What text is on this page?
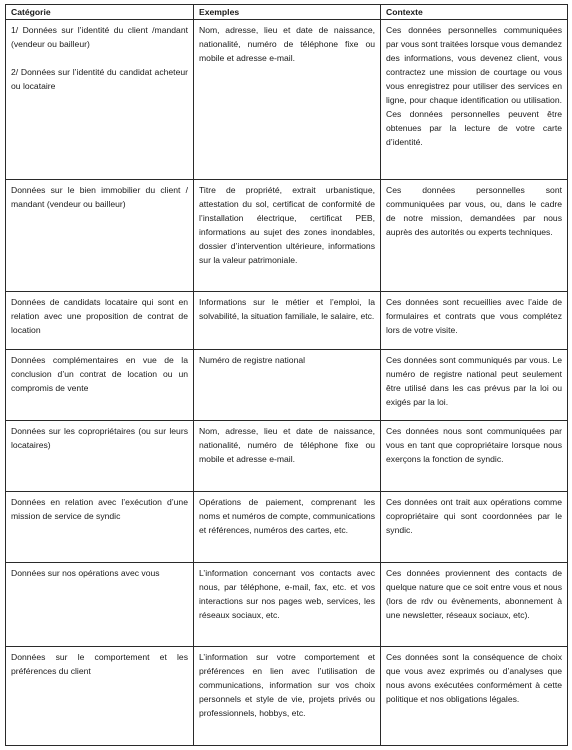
Catégorie	Exemples	Contexte

1/ Données sur l’identité du client /mandant (vendeur ou bailleur)
2/ Données sur l’identité du candidat acheteur ou locataire	Nom, adresse, lieu et date de naissance, nationalité, numéro de téléphone fixe ou mobile et adresse e-mail.	Ces données personnelles communiquées par vous sont traitées lorsque vous demandez des informations, vous devenez client, vous contractez une mission de courtage ou vous vous enregistrez pour utiliser des services en ligne, pour chaque identification ou utilisation. Ces données personnelles peuvent être obtenues par la lecture de votre carte d’identité.
Données sur le bien immobilier du client / mandant (vendeur ou bailleur)	Titre de propriété, extrait urbanistique, attestation du sol, certificat de conformité de l’installation électrique, certificat PEB, informations au sujet des zones inondables, dossier d’intervention ultérieure, informations sur la valeur patrimoniale.	Ces données personnelles sont communiquées par vous, ou, dans le cadre de notre mission, demandées par nous auprès des autorités ou experts techniques.
Données de candidats locataire qui sont en relation avec une proposition de contrat de location	Informations sur le métier et l’emploi, la solvabilité, la situation familiale, le salaire, etc.	Ces données sont recueillies avec l’aide de formulaires et contrats que vous complétez lors de votre visite.
Données complémentaires en vue de la conclusion d’un contrat de location ou un compromis de vente	Numéro de registre national	Ces données sont communiqués par vous. Le numéro de registre national peut seulement être utilisé dans les cas prévus par la loi ou exigés par la loi.
Données sur les copropriétaires (ou sur leurs locataires)	Nom, adresse, lieu et date de naissance, nationalité, numéro de téléphone fixe ou mobile et adresse e-mail.	Ces données nous sont communiquées par vous en tant que copropriétaire lorsque nous exerçons la fonction de syndic.
Données en relation avec l’exécution d’une mission de service de syndic	Opérations de paiement, comprenant les noms et numéros de compte, communications et références, numéros des cartes, etc.	Ces données ont trait aux opérations comme copropriétaire qui sont coordonnées par le syndic.
Données sur nos opérations avec vous	L’information concernant vos contacts avec nous, par téléphone, e-mail, fax, etc. et vos interactions sur nos pages web, services, les réseaux sociaux, etc.	Ces données proviennent des contacts de quelque nature que ce soit entre vous et nous (lors de rdv ou évènements, abonnement à une newsletter, réseaux sociaux, etc).
Données sur le comportement et les préférences du client	L’information sur votre comportement et préférences en lien avec l’utilisation de communications, information sur vos choix personnels et style de vie, projets privés ou professionnels, hobbys, etc.	Ces données sont la conséquence de choix que vous avez exprimés ou d’analyses que nous avons exécutées conformément à cette politique et nos obligations légales.
